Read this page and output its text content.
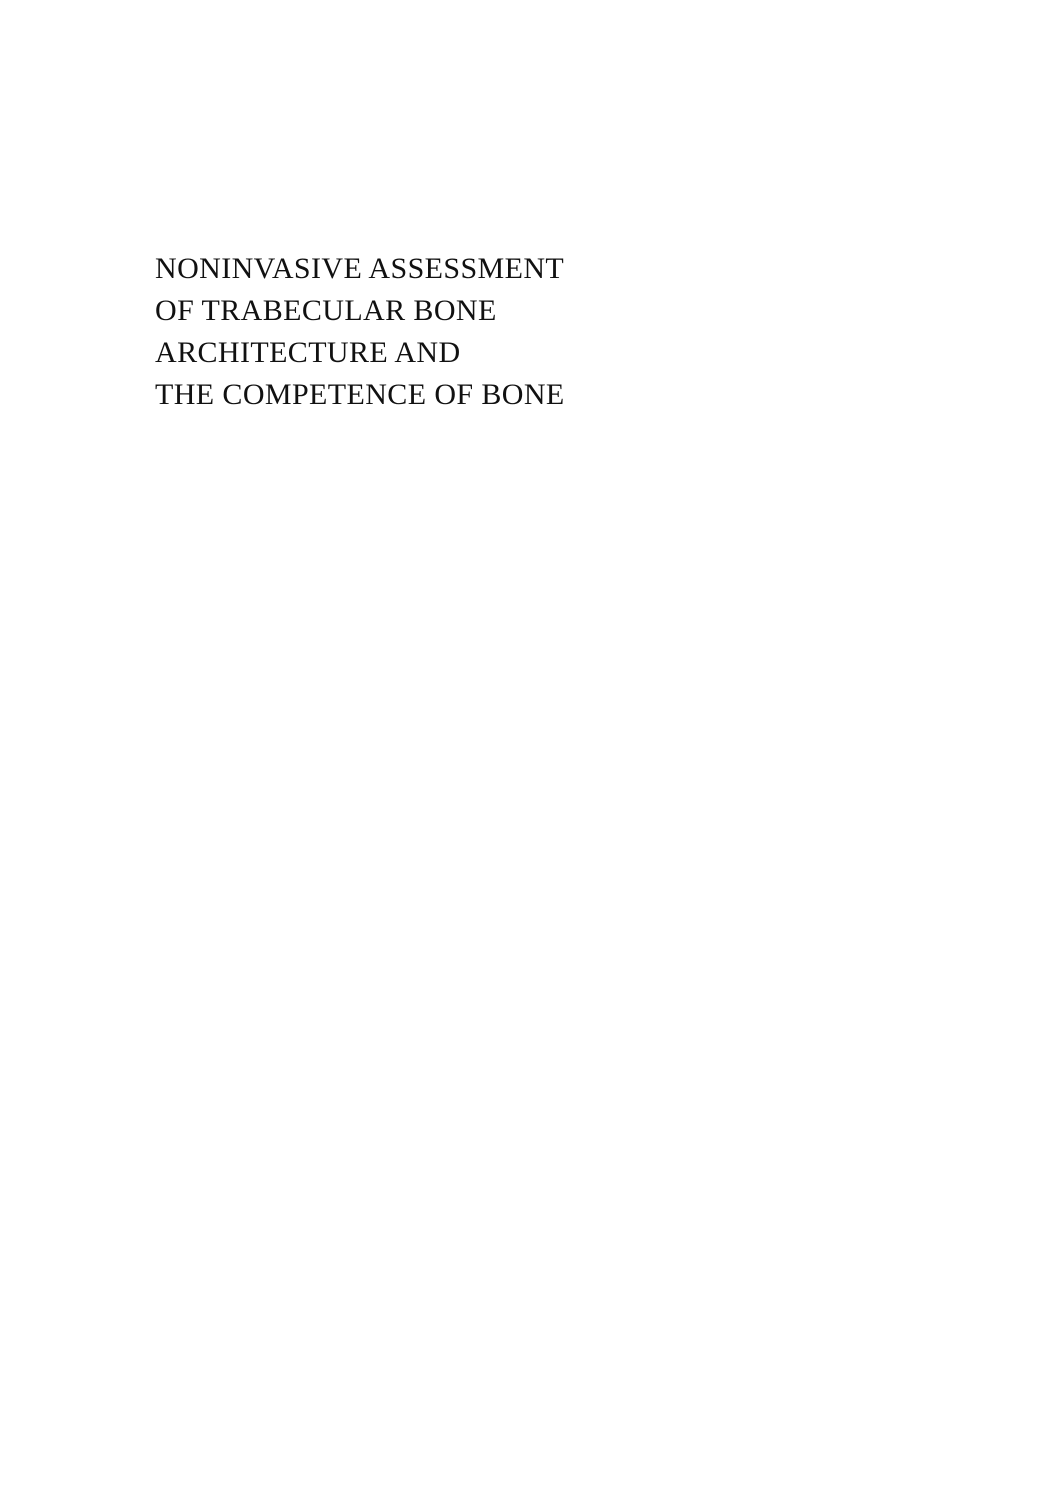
NONINVASIVE ASSESSMENT
OF TRABECULAR BONE
ARCHITECTURE AND
THE COMPETENCE OF BONE
